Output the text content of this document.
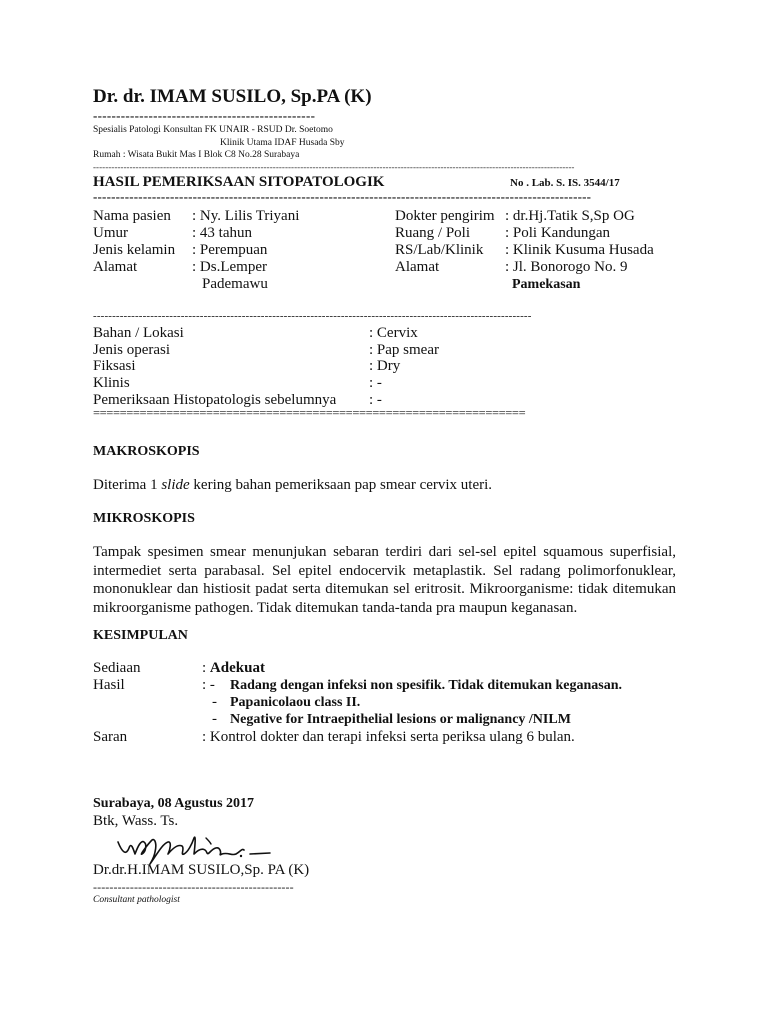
Dr. dr. IMAM SUSILO, Sp.PA (K)
------------------------------------------------
Spesialis Patologi Konsultan FK UNAIR - RSUD Dr. Soetomo
Klinik Utama IDAF Husada Sby
Rumah : Wisata Bukit Mas I Blok C8 No.28 Surabaya
--------------------------------------------------------------------------------------------------------------------------------------------------------------
HASIL PEMERIKSAAN SITOPATOLOGIK	No . Lab. S. IS. 3544/17
--------------------------------------------------------------------------------------------------------------
Nama pasien : Ny. Lilis Triyani
Umur	: 43 tahun
Jenis kelamin : Perempuan
Alamat	: Ds.Lemper
Pademawu
Dokter pengirim : dr.Hj.Tatik S,Sp OG
Ruang / Poli : Poli Kandungan
RS/Lab/Klinik : Klinik Kusuma Husada
Alamat	: Jl. Bonorogo No. 9
Pamekasan
-------------------------------------------------------------------------------------------------------------------
Bahan / Lokasi	: Cervix
Jenis operasi	: Pap smear
Fiksasi	: Dry
Klinis	: -
Pemeriksaan Histopatologis sebelumnya : -
=================================================================
MAKROSKOPIS
Diterima 1 slide kering bahan pemeriksaan pap smear cervix uteri.
MIKROSKOPIS
Tampak spesimen smear menunjukan sebaran terdiri dari sel-sel epitel squamous superfisial, intermediet serta parabasal. Sel epitel endocervik metaplastik. Sel radang polimorfonuklear, mononuklear dan histiosit padat serta ditemukan sel eritrosit. Mikroorganisme: tidak ditemukan mikroorganisme pathogen. Tidak ditemukan tanda-tanda pra maupun keganasan.
KESIMPULAN
Sediaan	: Adekuat
Hasil	: - Radang dengan infeksi non spesifik. Tidak ditemukan keganasan.
- Papanicolaou class II.
- Negative for Intraepithelial lesions or malignancy /NILM
Saran	: Kontrol dokter dan terapi infeksi serta periksa ulang 6 bulan.
Surabaya, 08 Agustus 2017
Btk, Wass. Ts.
Dr.dr.H.IMAM SUSILO,Sp. PA (K)
-------------------------------------------------
Consultant pathologist
